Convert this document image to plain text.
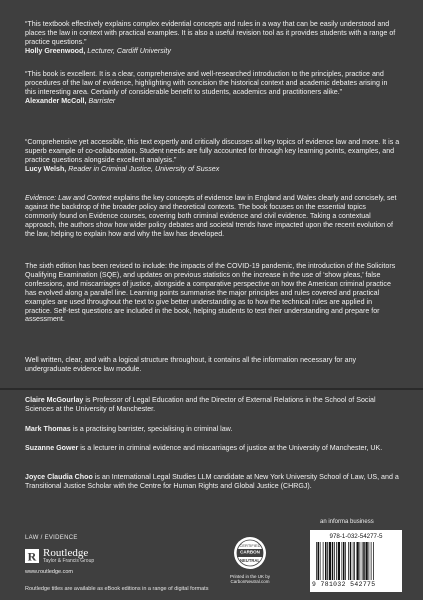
“This textbook effectively explains complex evidential concepts and rules in a way that can be easily understood and places the law in context with practical examples. It is also a useful revision tool as it provides students with a range of practice questions.”
Holly Greenwood, Lecturer, Cardiff University
“This book is excellent. It is a clear, comprehensive and well-researched introduction to the principles, practice and procedures of the law of evidence, highlighting with concision the historical context and academic debates arising in this interesting area. Certainly of considerable benefit to students, academics and practitioners alike.”
Alexander McColl, Barrister
“Comprehensive yet accessible, this text expertly and critically discusses all key topics of evidence law and more. It is a superb example of co-collaboration. Student needs are fully accounted for through key learning points, examples, and practice questions alongside excellent analysis.”
Lucy Welsh, Reader in Criminal Justice, University of Sussex
Evidence: Law and Context explains the key concepts of evidence law in England and Wales clearly and concisely, set against the backdrop of the broader policy and theoretical contexts. The book focuses on the essential topics commonly found on Evidence courses, covering both criminal evidence and civil evidence. Taking a contextual approach, the authors show how wider policy debates and societal trends have impacted upon the recent evolution of the law, helping to explain how and why the law has developed.
The sixth edition has been revised to include: the impacts of the COVID-19 pandemic, the introduction of the Solicitors Qualifying Examination (SQE), and updates on previous statistics on the increase in the use of ‘show pleas,’ false confessions, and miscarriages of justice, alongside a comparative perspective on how the American criminal practice has evolved along a parallel line. Learning points summarise the major principles and rules covered and practical examples are used throughout the text to give better understanding as to how the technical rules are applied in practice. Self-test questions are included in the book, helping students to test their understanding and prepare for assessment.
Well written, clear, and with a logical structure throughout, it contains all the information necessary for any undergraduate evidence law module.
Claire McGourlay is Professor of Legal Education and the Director of External Relations in the School of Social Sciences at the University of Manchester.
Mark Thomas is a practising barrister, specialising in criminal law.
Suzanne Gower is a lecturer in criminal evidence and miscarriages of justice at the University of Manchester, UK.
Joyce Claudia Choo is an International Legal Studies LLM candidate at New York University School of Law, US, and a Transitional Justice Scholar with the Centre for Human Rights and Global Justice (CHRGJ).
LAW / EVIDENCE
R Routledge
Taylor & Francis Group
www.routledge.com
Routledge titles are available as eBook editions in a range of digital formats
CERTIFIED
CARBON
NEUTRAL
Printed in the UK by
CarbonNeutral.com
an informa business
978-1-032-54277-5
9 781032 542775
